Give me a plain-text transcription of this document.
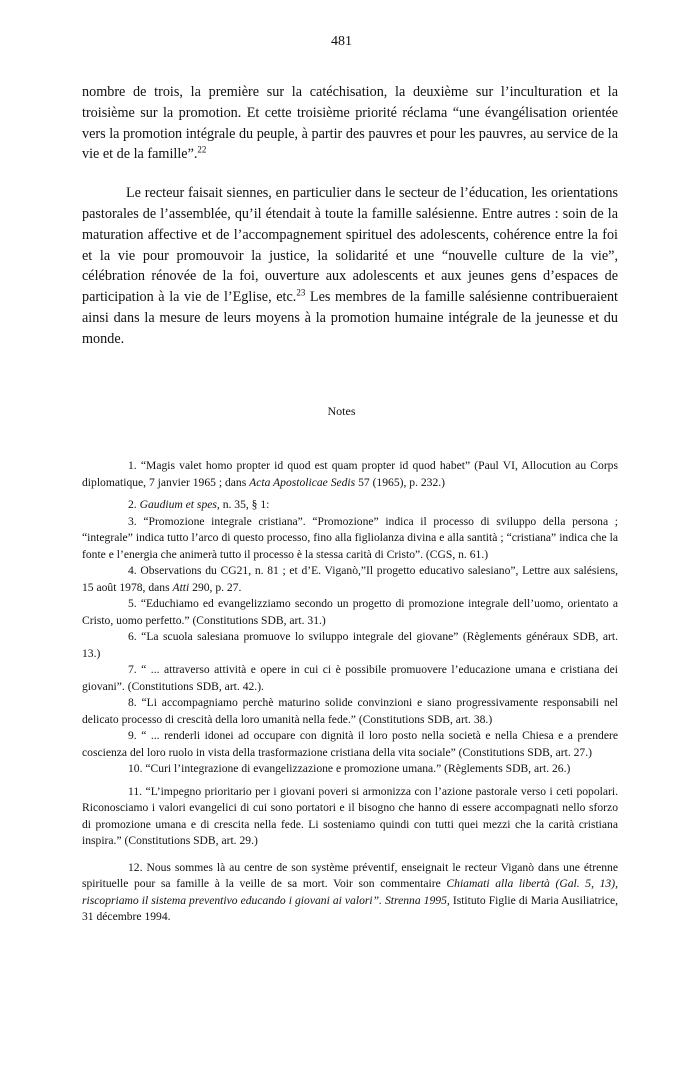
481

nombre de trois, la première sur la catéchisation, la deuxième sur l’inculturation et la troisième sur la promotion. Et cette troisième priorité réclama “une évangélisation orientée vers la promotion intégrale du peuple, à partir des pauvres et pour les pauvres, au service de la vie et de la famille”.$^{22}$

Le recteur faisait siennes, en particulier dans le secteur de l’éducation, les orientations pastorales de l’assemblée, qu’il étendait à toute la famille salésienne. Entre autres : soin de la maturation affective et de l’accompagnement spirituel des adolescents, cohérence entre la foi et la vie pour promouvoir la justice, la solidarité et une “nouvelle culture de la vie”, célébration rénovée de la foi, ouverture aux adolescents et aux jeunes gens d’espaces de participation à la vie de l’Eglise, etc.$^{23}$ Les membres de la famille salésienne contribueraient ainsi dans la mesure de leurs moyens à la promotion humaine intégrale de la jeunesse et du monde.

Notes

1. “Magis valet homo propter id quod est quam propter id quod habet” (Paul VI, Allocution au Corps diplomatique, 7 janvier 1965 ; dans Acta Apostolicae Sedis 57 (1965), p. 232.)

2. Gaudium et spes, n. 35, § 1:

3. “Promozione integrale cristiana”. “Promozione” indica il processo di sviluppo della persona ; “integrale” indica tutto l’arco di questo processo, fino alla figliolanza divina e alla santità ; “cristiana” indica che la fonte e l’energia che animerà tutto il processo è la stessa carità di Cristo”. (CGS, n. 61.)

4. Observations du CG21, n. 81 ; et d’E. Viganò,”Il progetto educativo salesiano”, Lettre aux salésiens, 15 août 1978, dans Atti 290, p. 27.

5. “Educhiamo ed evangelizziamo secondo un progetto di promozione integrale dell’uomo, orientato a Cristo, uomo perfetto.” (Constitutions SDB, art. 31.)

6. “La scuola salesiana promuove lo sviluppo integrale del giovane” (Règlements généraux SDB, art. 13.)

7. “ ... attraverso attività e opere in cui ci è possibile promuovere l’educazione umana e cristiana dei giovani”. (Constitutions SDB, art. 42.).

8. “Li accompagniamo perchè maturino solide convinzioni e siano progressivamente responsabili nel delicato processo di crescità della loro umanità nella fede.” (Constitutions SDB, art. 38.)

9. “ ... renderli idonei ad occupare con dignità il loro posto nella società e nella Chiesa e a prendere coscienza del loro ruolo in vista della trasformazione cristiana della vita sociale” (Constitutions SDB, art. 27.)

10. “Curi l’integrazione di evangelizzazione e promozione umana.” (Règlements SDB, art. 26.)

11. “L’impegno prioritario per i giovani poveri si armonizza con l’azione pastorale verso i ceti popolari. Riconosciamo i valori evangelici di cui sono portatori e il bisogno che hanno di essere accompagnati nello sforzo di promozione umana e di crescita nella fede. Li sosteniamo quindi con tutti quei mezzi che la carità cristiana inspira.” (Constitutions SDB, art. 29.)

12. Nous sommes là au centre de son système préventif, enseignait le recteur Viganò dans une étrenne spirituelle pour sa famille à la veille de sa mort. Voir son commentaire Chiamati alla libertà (Gal. 5, 13), riscopriamo il sistema preventivo educando i giovani ai valori”. Strenna 1995, Istituto Figlie di Maria Ausiliatrice, 31 décembre 1994.
